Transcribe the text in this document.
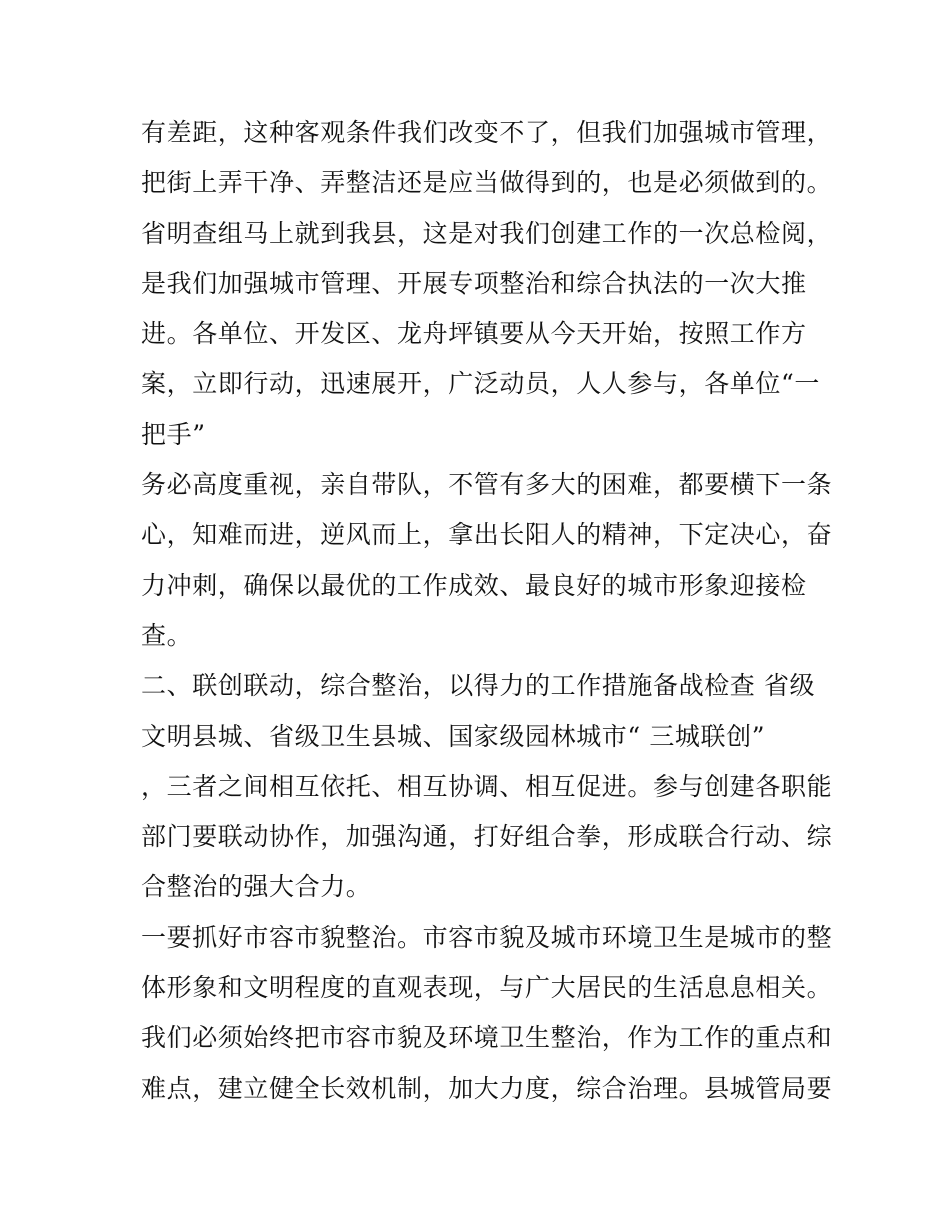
有差距，这种客观条件我们改变不了，但我们加强城市管理，
把街上弄干净、弄整洁还是应当做得到的，也是必须做到的。
省明查组马上就到我县，这是对我们创建工作的一次总检阅，
是我们加强城市管理、开展专项整治和综合执法的一次大推
进。各单位、开发区、龙舟坪镇要从今天开始，按照工作方
案，立即行动，迅速展开，广泛动员，人人参与，各单位“一
把手”
务必高度重视，亲自带队，不管有多大的困难，都要横下一条
心，知难而进，逆风而上，拿出长阳人的精神，下定决心，奋
力冲刺，确保以最优的工作成效、最良好的城市形象迎接检
查。
二、联创联动，综合整治，以得力的工作措施备战检查 省级
文明县城、省级卫生县城、国家级园林城市“ 三城联创”
，三者之间相互依托、相互协调、相互促进。参与创建各职能
部门要联动协作，加强沟通，打好组合拳，形成联合行动、综
合整治的强大合力。
一要抓好市容市貌整治。市容市貌及城市环境卫生是城市的整
体形象和文明程度的直观表现，与广大居民的生活息息相关。
我们必须始终把市容市貌及环境卫生整治，作为工作的重点和
难点，建立健全长效机制，加大力度，综合治理。县城管局要
